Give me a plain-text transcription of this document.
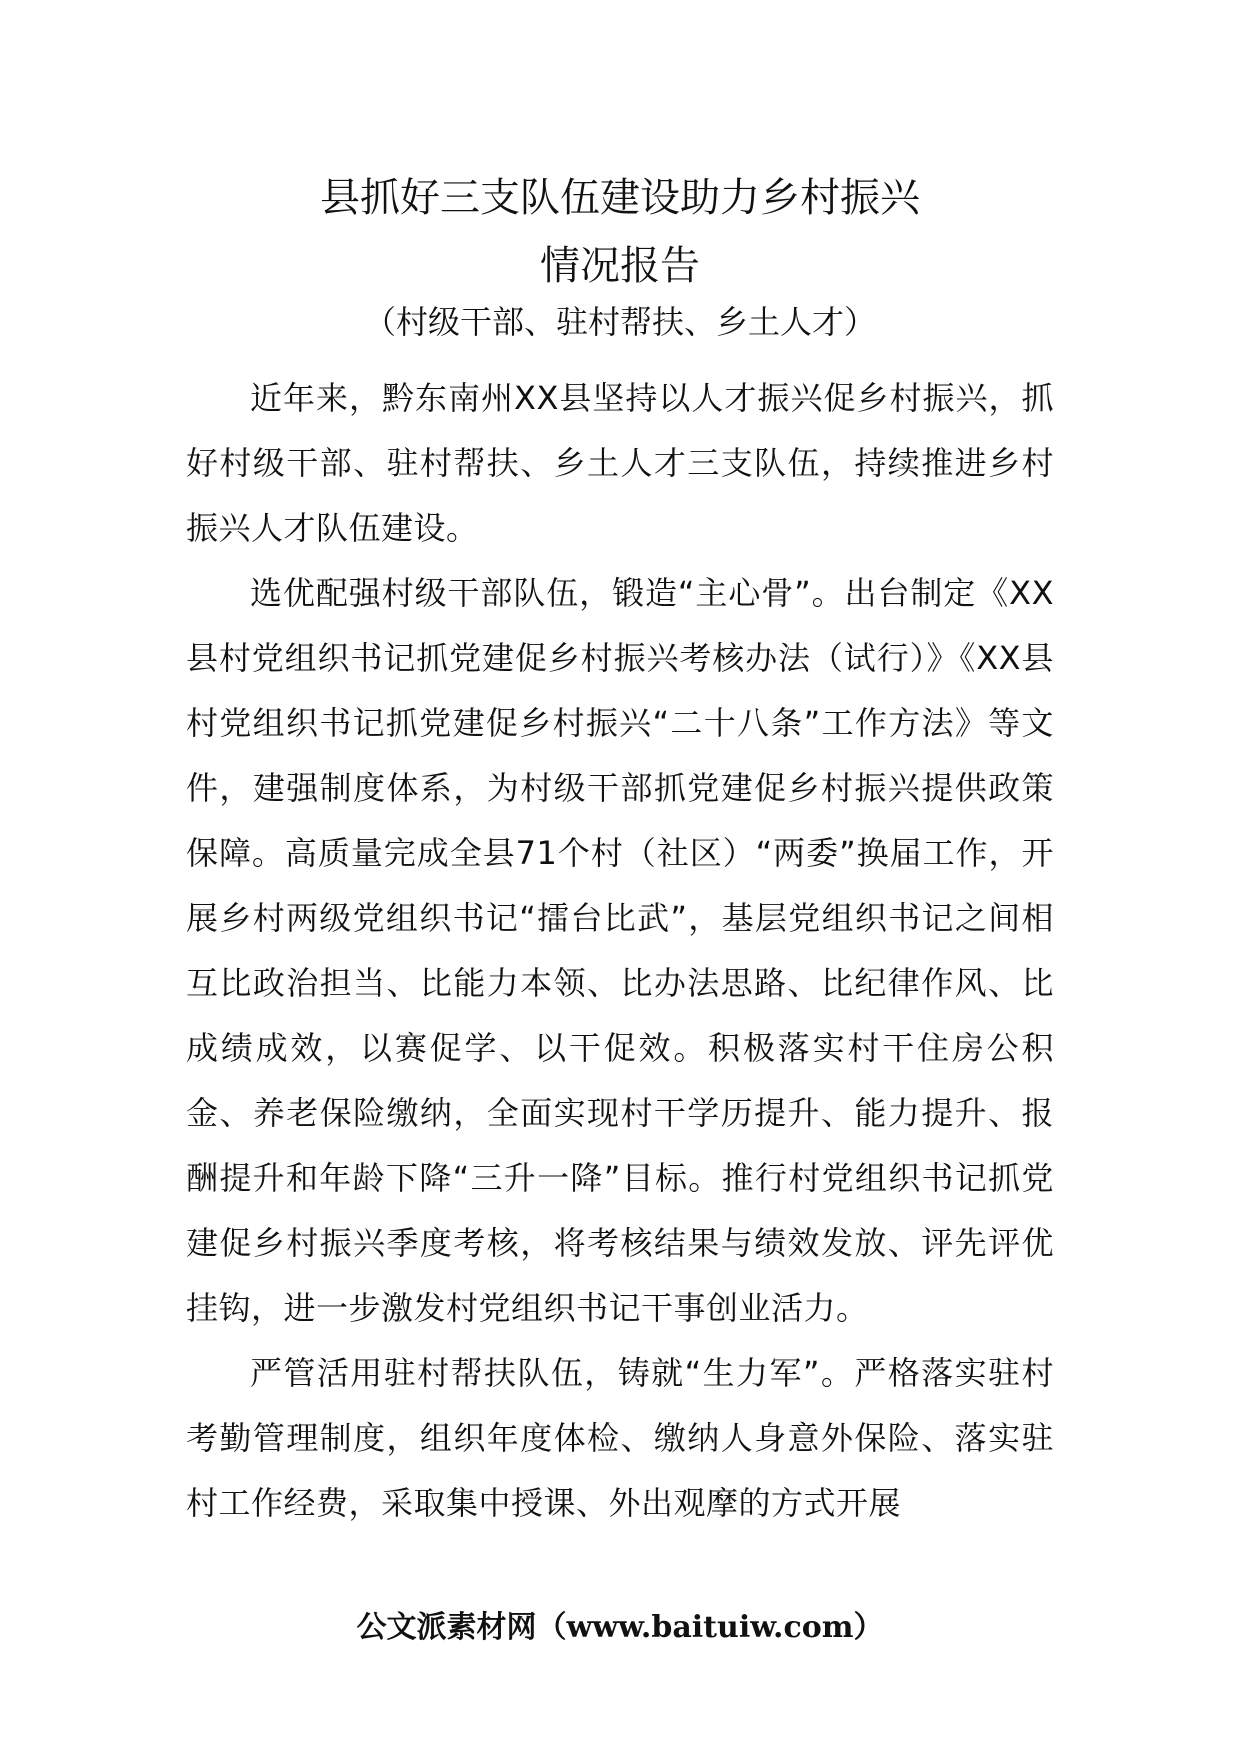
县抓好三支队伍建设助力乡村振兴
情况报告

（村级干部、驻村帮扶、乡土人才）

近年来，黔东南州XX县坚持以人才振兴促乡村振兴，抓好村级干部、驻村帮扶、乡土人才三支队伍，持续推进乡村振兴人才队伍建设。

选优配强村级干部队伍，锻造“主心骨”。出台制定《XX县村党组织书记抓党建促乡村振兴考核办法（试行）》《XX县村党组织书记抓党建促乡村振兴“二十八条”工作方法》等文件，建强制度体系，为村级干部抓党建促乡村振兴提供政策保障。高质量完成全县71个村（社区）“两委”换届工作，开展乡村两级党组织书记“擂台比武”，基层党组织书记之间相互比政治担当、比能力本领、比办法思路、比纪律作风、比成绩成效，以赛促学、以干促效。积极落实村干住房公积金、养老保险缴纳，全面实现村干学历提升、能力提升、报酬提升和年龄下降“三升一降”目标。推行村党组织书记抓党建促乡村振兴季度考核，将考核结果与绩效发放、评先评优挂钩，进一步激发村党组织书记干事创业活力。

严管活用驻村帮扶队伍，铸就“生力军”。严格落实驻村考勤管理制度，组织年度体检、缴纳人身意外保险、落实驻村工作经费，采取集中授课、外出观摩的方式开展

公文派素材网（www.baituiw.com）
